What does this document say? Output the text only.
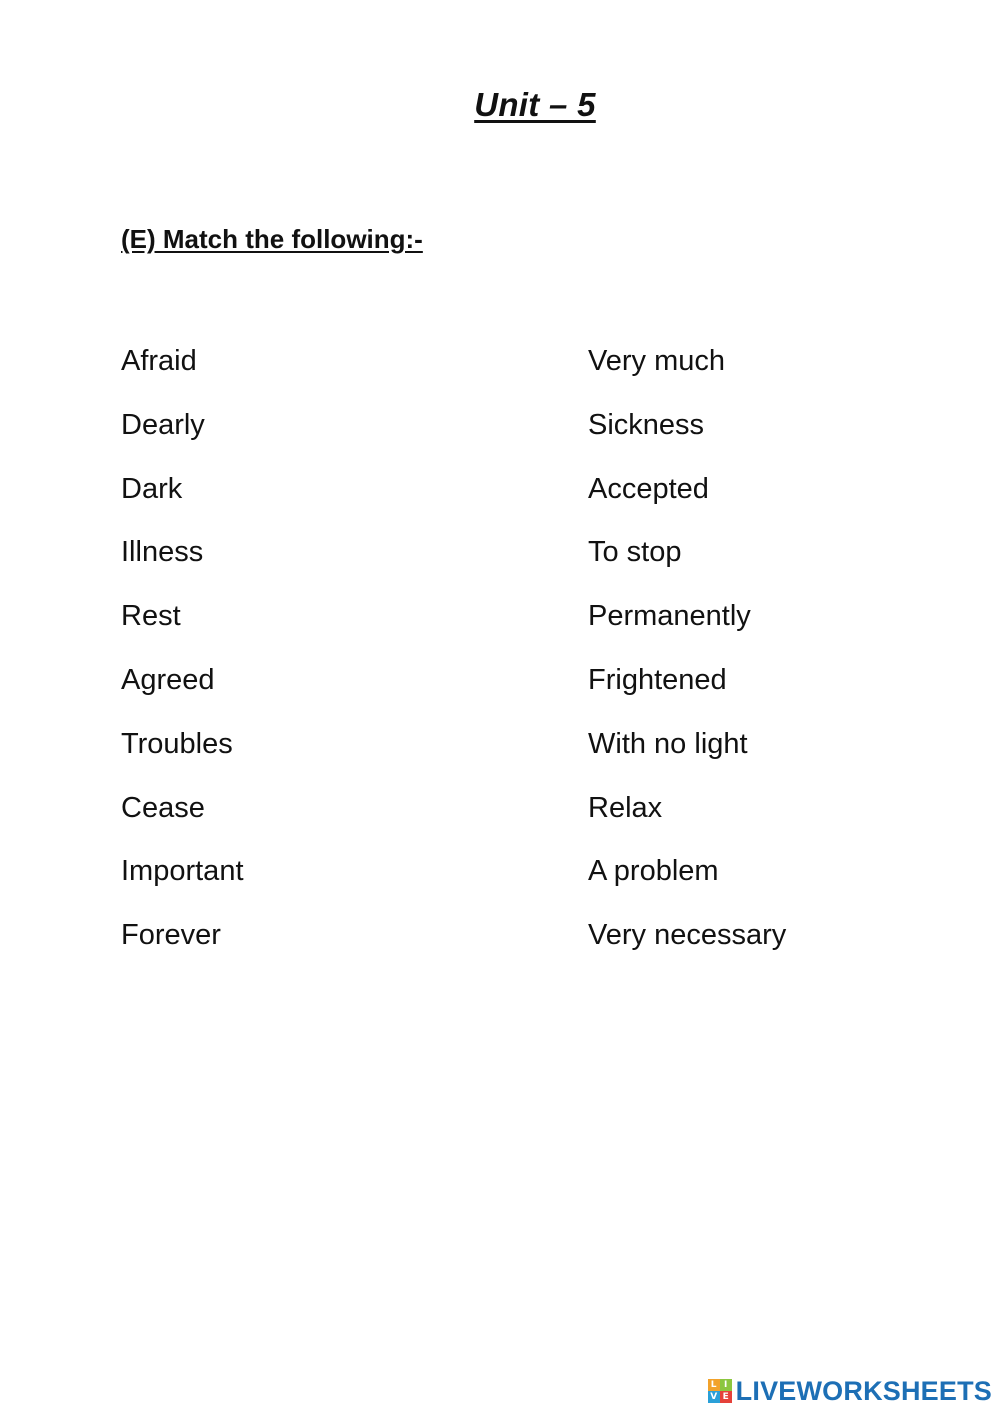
Unit – 5
(E) Match the following:-
Afraid	Very much
Dearly	Sickness
Dark	Accepted
Illness	To stop
Rest	Permanently
Agreed	Frightened
Troubles	With no light
Cease	Relax
Important	A problem
Forever	Very necessary
L I
V E LIVEWORKSHEETS
